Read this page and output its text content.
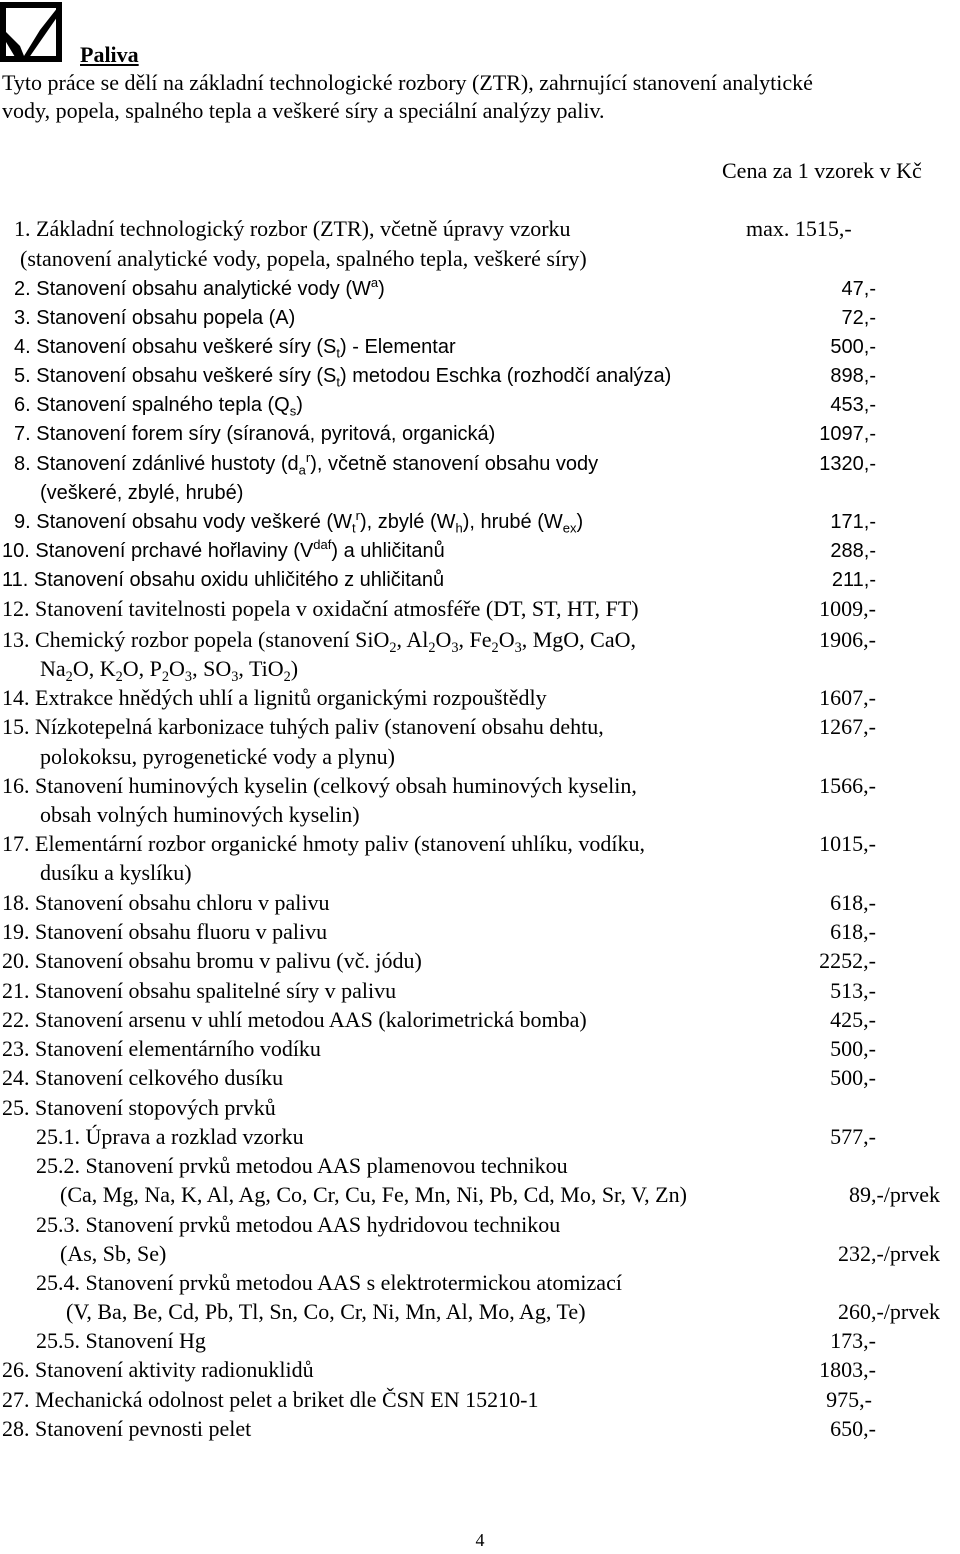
Paliva
Tyto práce se dělí na základní technologické rozbory (ZTR), zahrnující stanovení analytické
vody, popela, spalného tepla a veškeré síry a speciální analýzy paliv.
Cena za 1 vzorek v Kč
1. Základní technologický rozbor (ZTR), včetně úpravy vzorku	max. 1515,-
(stanovení analytické vody, popela, spalného tepla, veškeré síry)
2. Stanovení obsahu analytické vody $(W^a)$	47,-
3. Stanovení obsahu popela (A)	72,-
4. Stanovení obsahu veškeré síry $(S_t)$ - Elementar	500,-
5. Stanovení obsahu veškeré síry $(S_t)$ metodou Eschka (rozhodčí analýza)	898,-
6. Stanovení spalného tepla $(Q_s)$	453,-
7. Stanovení forem síry (síranová, pyritová, organická)	1097,-
8. Stanovení zdánlivé hustoty $(d_a^r)$, včetně stanovení obsahu vody	1320,-
(veškeré, zbylé, hrubé)
9. Stanovení obsahu vody veškeré $(W_t^r)$, zbylé $(W_h)$, hrubé $(W_{ex})$	171,-
10. Stanovení prchavé hořlaviny $(V^{daf})$ a uhličitanů	288,-
11. Stanovení obsahu oxidu uhličitého z uhličitanů	211,-
12. Stanovení tavitelnosti popela v oxidační atmosféře (DT, ST, HT, FT)	1009,-
13. Chemický rozbor popela (stanovení SiO$_2$, $Al_2O_3$, $Fe_2O_3$, MgO, CaO,	1906,-
$Na_2O$, $K_2O$, $P_2O_3$, $SO_3$, TiO$_2$)
14. Extrakce hnědých uhlí a lignitů organickými rozpouštědly	1607,-
15. Nízkotepelná karbonizace tuhých paliv (stanovení obsahu dehtu,	1267,-
polokoksu, pyrogenetické vody a plynu)
16. Stanovení huminových kyselin (celkový obsah huminových kyselin,	1566,-
obsah volných huminových kyselin)
17. Elementární rozbor organické hmoty paliv (stanovení uhlíku, vodíku,	1015,-
dusíku a kyslíku)
18. Stanovení obsahu chloru v palivu	618,-
19. Stanovení obsahu fluoru v palivu	618,-
20. Stanovení obsahu bromu v palivu (vč. jódu)	2252,-
21. Stanovení obsahu spalitelné síry v palivu	513,-
22. Stanovení arsenu v uhlí metodou AAS (kalorimetrická bomba)	425,-
23. Stanovení elementárního vodíku	500,-
24. Stanovení celkového dusíku	500,-
25. Stanovení stopových prvků
25.1. Úprava a rozklad vzorku	577,-
25.2. Stanovení prvků metodou AAS plamenovou technikou
(Ca, Mg, Na, K, Al, Ag, Co, Cr, Cu, Fe, Mn, Ni, Pb, Cd, Mo, Sr, V, Zn)	89,-/prvek
25.3. Stanovení prvků metodou AAS hydridovou technikou
(As, Sb, Se)	232,-/prvek
25.4. Stanovení prvků metodou AAS s elektrotermickou atomizací
(V, Ba, Be, Cd, Pb, Tl, Sn, Co, Cr, Ni, Mn, Al, Mo, Ag, Te)	260,-/prvek
25.5. Stanovení Hg	173,-
26. Stanovení aktivity radionuklidů	1803,-
27. Mechanická odolnost pelet a briket dle ČSN EN 15210-1	975,-
28. Stanovení pevnosti pelet	650,-
4
